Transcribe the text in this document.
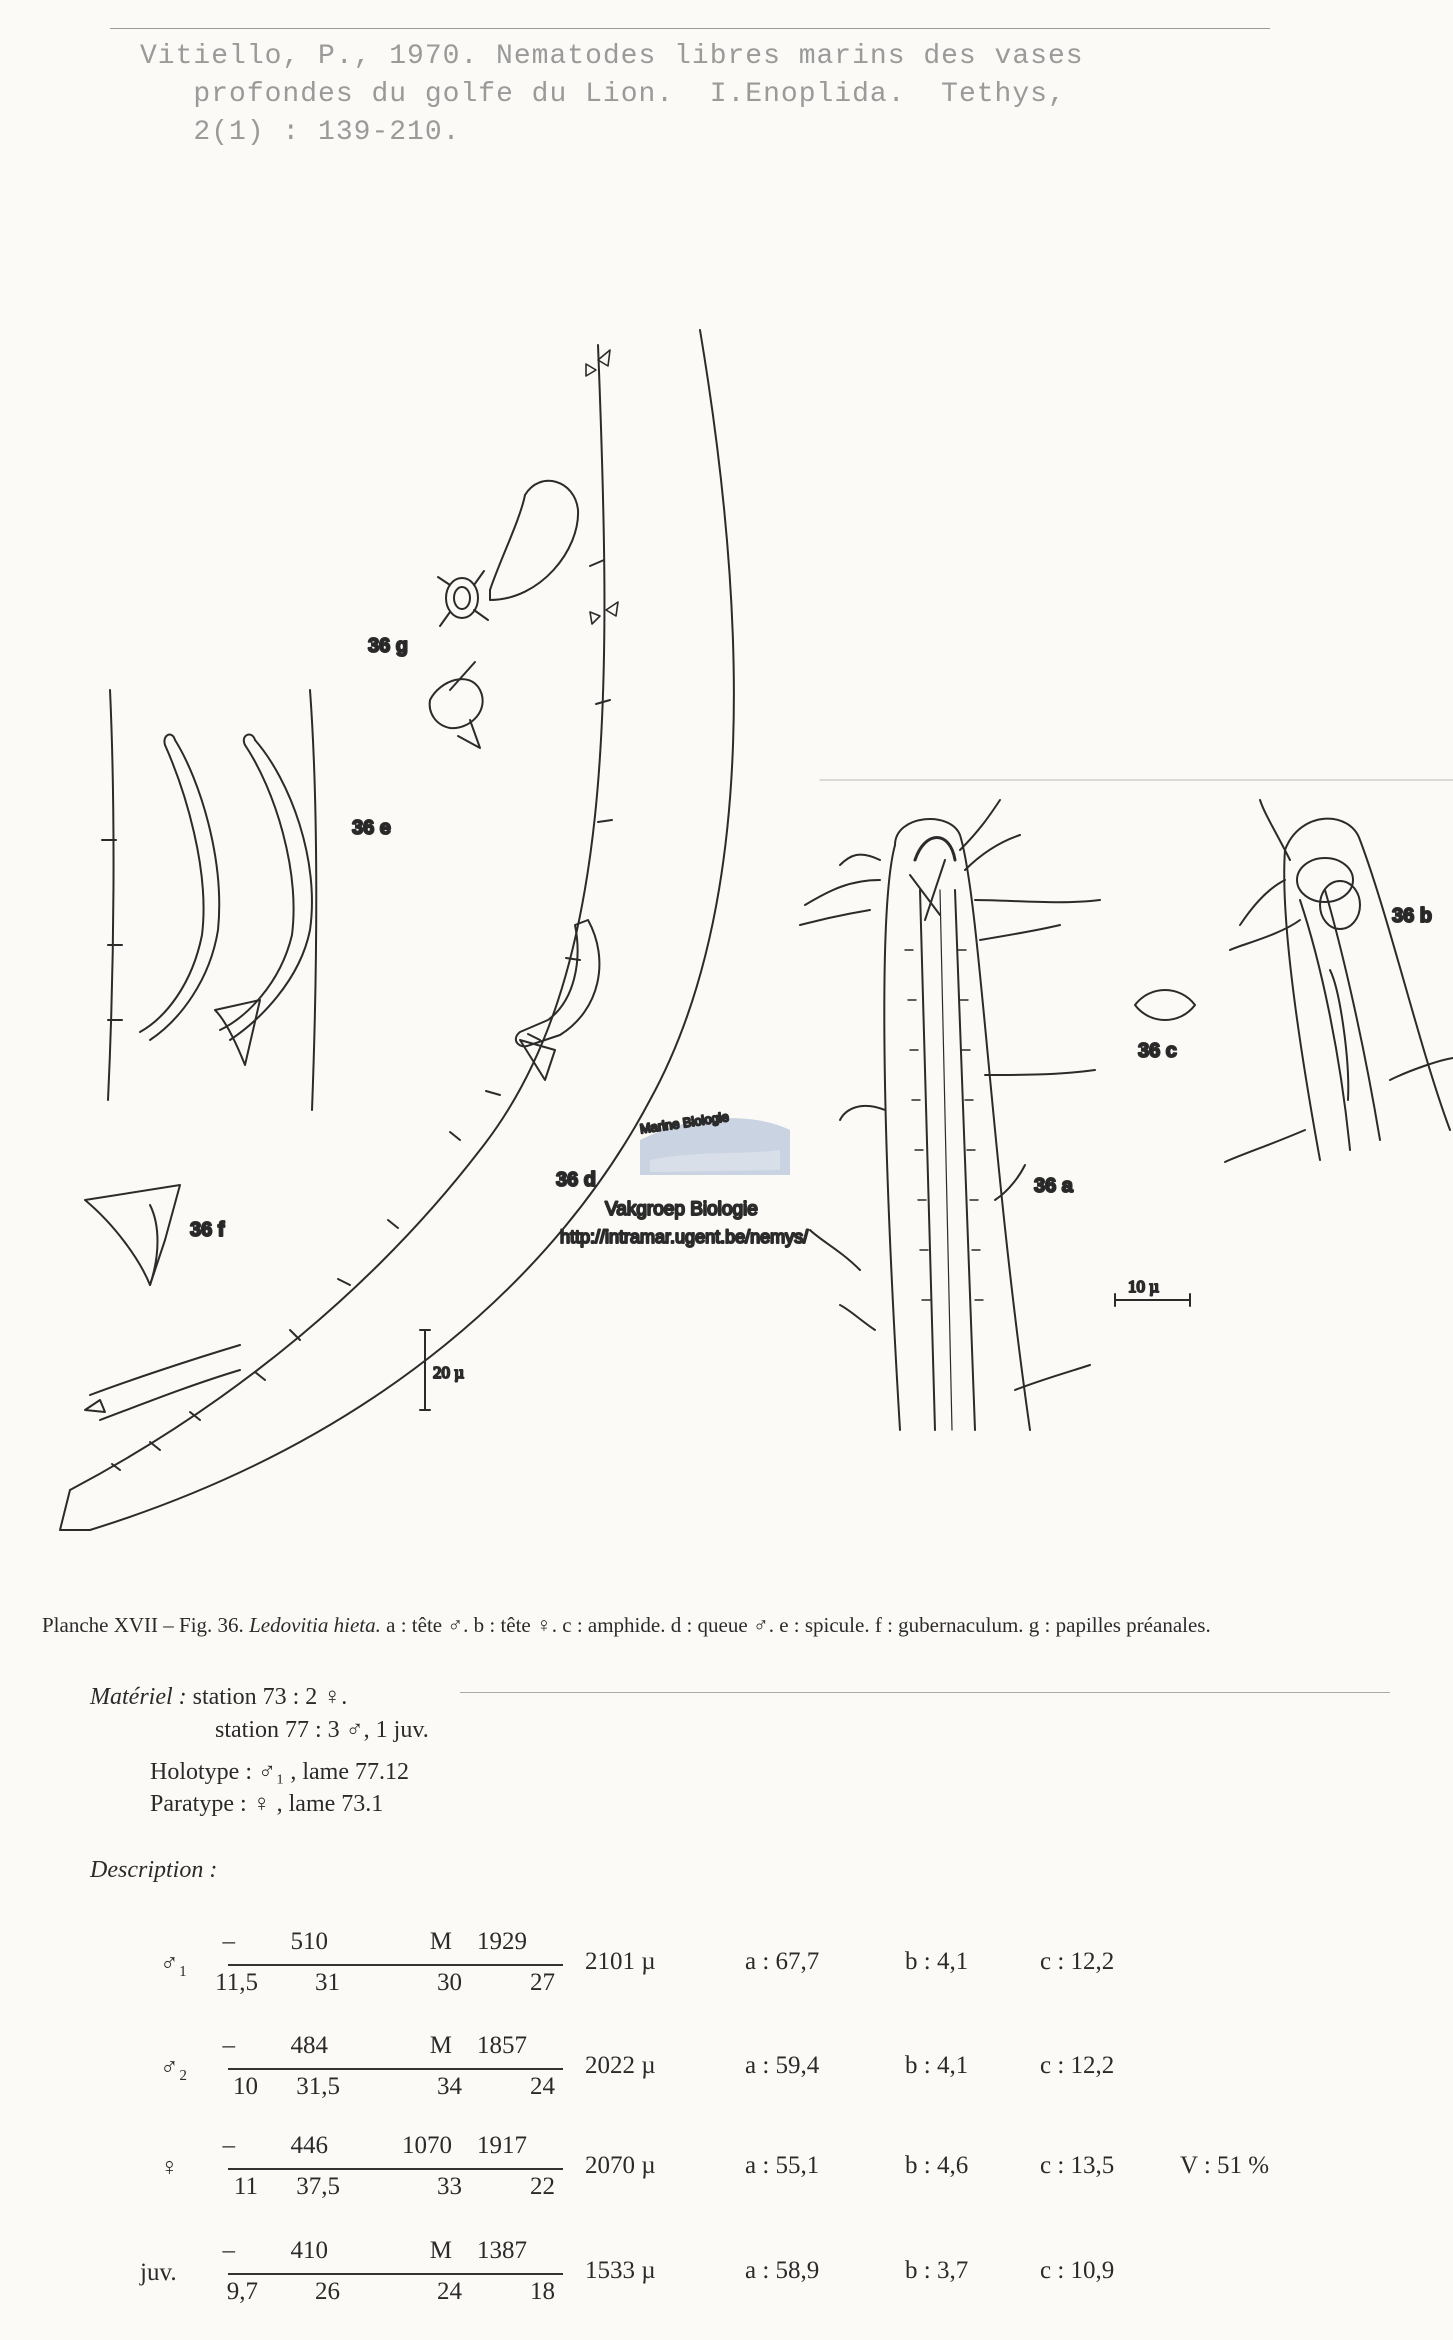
Vitiello, P., 1970. Nematodes libres marins des vases
profondes du golfe du Lion.  I.Enoplida.  Tethys,
2(1) : 139-210.
Marine Biologie
Vakgroep Biologie
http://intramar.ugent.be/nemys/
36 g
36 e
36 d
36 f
36 a
36 b
36 c
20 µ
10 µ
Planche XVII – Fig. 36. Ledovitia hieta. a : tête ♂. b : tête ♀. c : amphide. d : queue ♂. e : spicule. f : gubernaculum. g : papilles préanales.
Matériel : station 73 : 2 ♀.
station 77 : 3 ♂, 1 juv.
Holotype : ♂₁ , lame 77.12
Paratype : ♀ , lame 73.1
Description :
♂₁
–	510	M	1929
11,5	31	30	27
2101 µ	a : 67,7	b : 4,1	c : 12,2
♂₂
–	484	M	1857
10	31,5	34	24
2022 µ	a : 59,4	b : 4,1	c : 12,2
♀
–	446	1070	1917
11	37,5	33	22
2070 µ	a : 55,1	b : 4,6	c : 13,5	V : 51 %
juv.
–	410	M	1387
9,7	26	24	18
1533 µ	a : 58,9	b : 3,7	c : 10,9
